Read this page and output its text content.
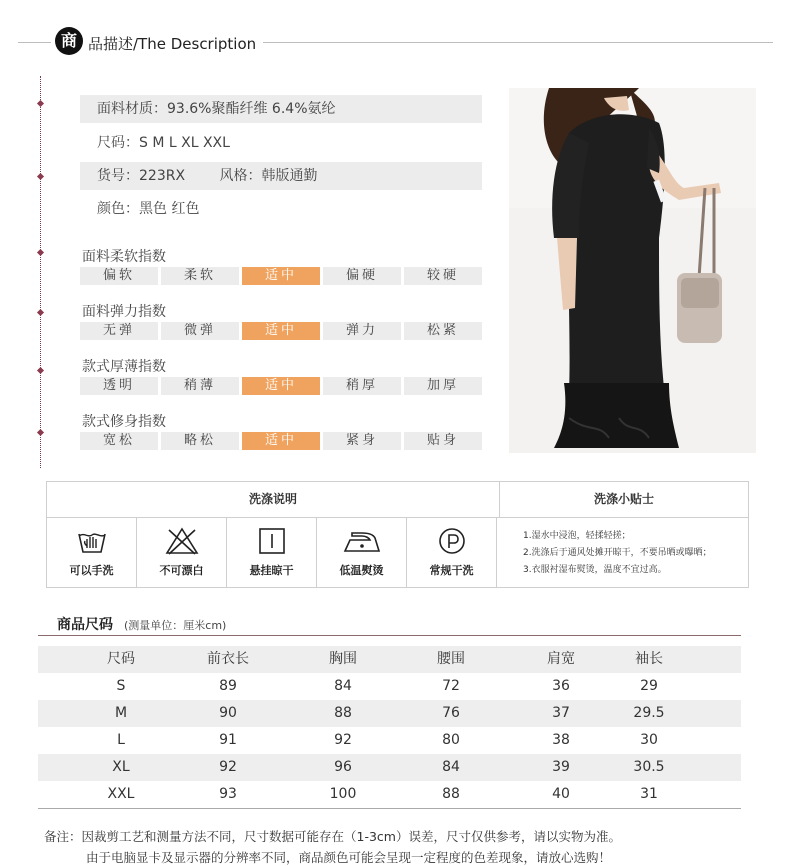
商 品描述/The Description
面料材质：93.6%聚酯纤维 6.4%氨纶
尺码：S M L XL XXL
货号：223RX 风格：韩版通勤
颜色：黑色 红色
面料柔软指数
偏软	柔软	适中	偏硬	较硬
面料弹力指数
无弹	微弹	适中	弹力	松紧
款式厚薄指数
透明	稍薄	适中	稍厚	加厚
款式修身指数
宽松	略松	适中	紧身	贴身
洗涤说明	洗涤小贴士
可以手洗	不可漂白	悬挂晾干	低温熨烫	常规干洗
1.湿水中浸泡，轻揉轻搓；
2.洗涤后于通风处摊开晾干，不要吊晒或曝晒；
3.衣服衬湿布熨烫，温度不宜过高。
商品尺码 (测量单位：厘米cm)
尺码	前衣长	胸围	腰围	肩宽	袖长
S	89	84	72	36	29
M	90	88	76	37	29.5
L	91	92	80	38	30
XL	92	96	84	39	30.5
XXL	93	100	88	40	31
备注：因裁剪工艺和测量方法不同，尺寸数据可能存在（1-3cm）误差，尺寸仅供参考，请以实物为准。
由于电脑显卡及显示器的分辨率不同，商品颜色可能会呈现一定程度的色差现象，请放心选购！
